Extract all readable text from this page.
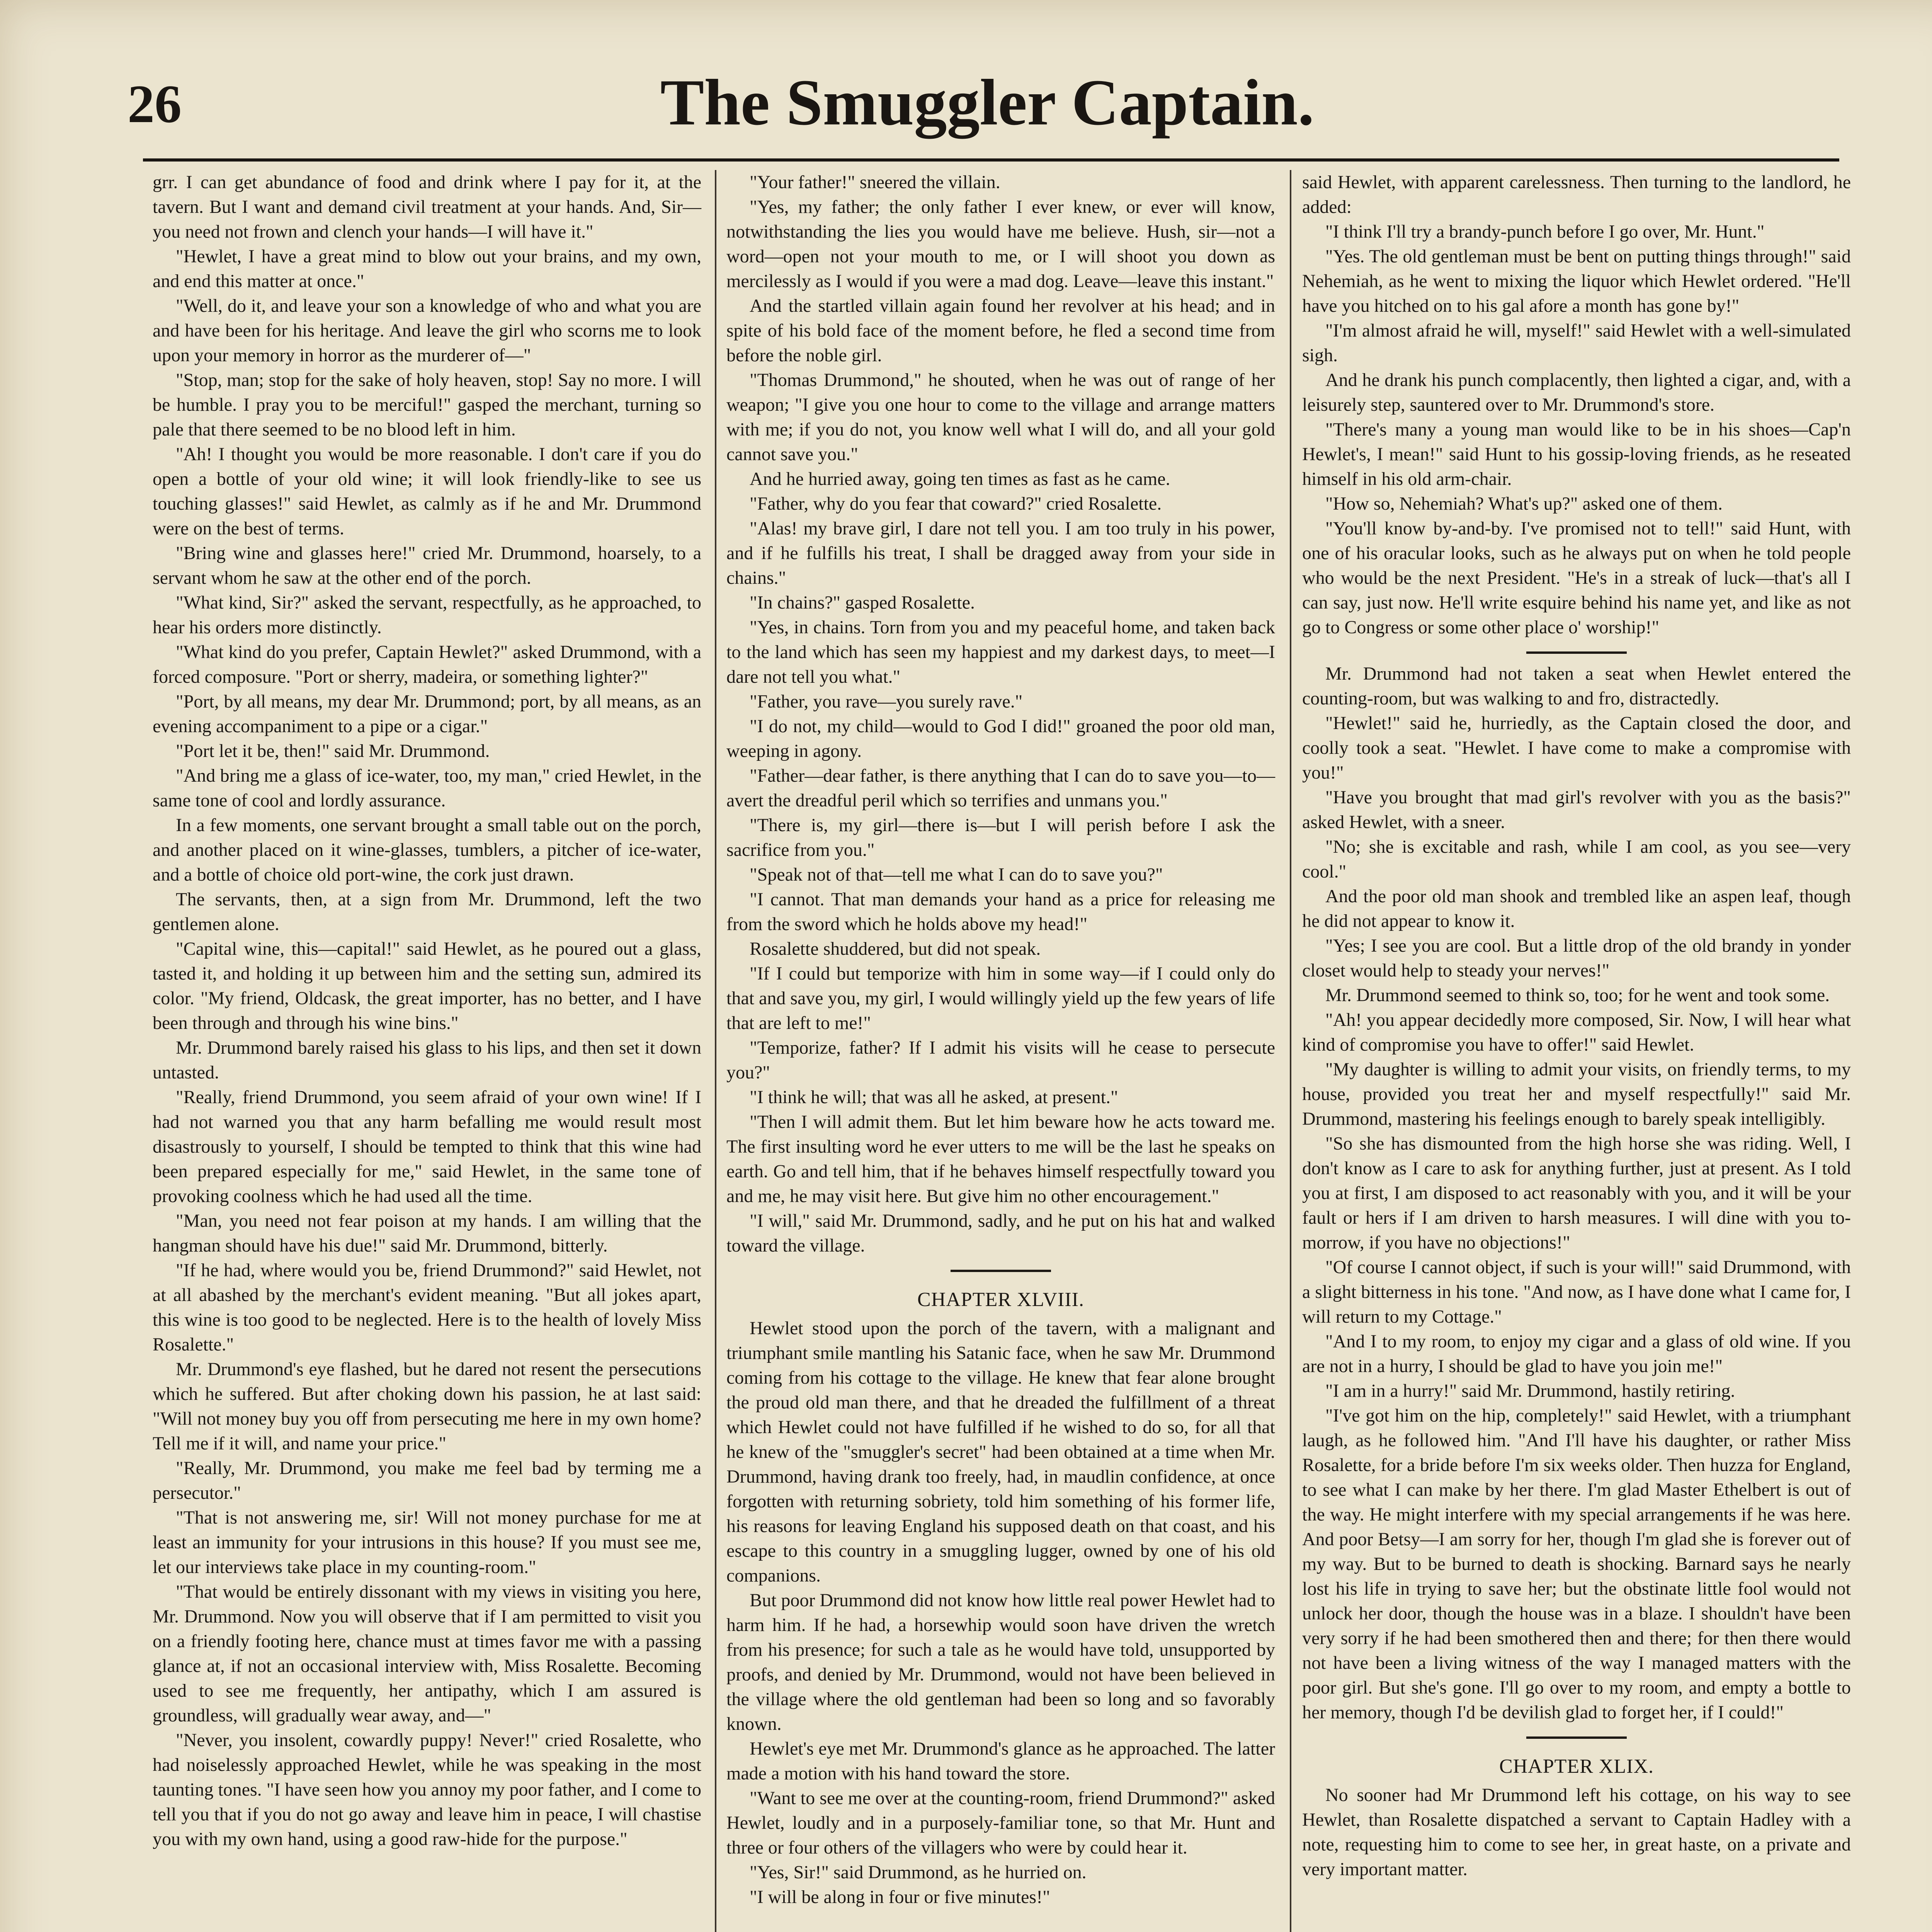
26	The Smuggler Captain.

grr. I can get abundance of food and drink where I pay for it, at the tavern. But I want and demand civil treatment at your hands. And, Sir—you need not frown and clench your hands—I will have it."

"Hewlet, I have a great mind to blow out your brains, and my own, and end this matter at once."

"Well, do it, and leave your son a knowledge of who and what you are and have been for his heritage. And leave the girl who scorns me to look upon your memory in horror as the murderer of—"

"Stop, man; stop for the sake of holy heaven, stop! Say no more. I will be humble. I pray you to be merciful!" gasped the merchant, turning so pale that there seemed to be no blood left in him.

"Ah! I thought you would be more reasonable. I don't care if you do open a bottle of your old wine; it will look friendly-like to see us touching glasses!" said Hewlet, as calmly as if he and Mr. Drummond were on the best of terms.

"Bring wine and glasses here!" cried Mr. Drummond, hoarsely, to a servant whom he saw at the other end of the porch.

"What kind, Sir?" asked the servant, respectfully, as he approached, to hear his orders more distinctly.

"What kind do you prefer, Captain Hewlet?" asked Drummond, with a forced composure. "Port or sherry, madeira, or something lighter?"

"Port, by all means, my dear Mr. Drummond; port, by all means, as an evening accompaniment to a pipe or a cigar."

"Port let it be, then!" said Mr. Drummond.

"And bring me a glass of ice-water, too, my man," cried Hewlet, in the same tone of cool and lordly assurance.

In a few moments, one servant brought a small table out on the porch, and another placed on it wine-glasses, tumblers, a pitcher of ice-water, and a bottle of choice old port-wine, the cork just drawn.

The servants, then, at a sign from Mr. Drummond, left the two gentlemen alone.

"Capital wine, this—capital!" said Hewlet, as he poured out a glass, tasted it, and holding it up between him and the setting sun, admired its color. "My friend, Oldcask, the great importer, has no better, and I have been through and through his wine bins."

Mr. Drummond barely raised his glass to his lips, and then set it down untasted.

"Really, friend Drummond, you seem afraid of your own wine! If I had not warned you that any harm befalling me would result most disastrously to yourself, I should be tempted to think that this wine had been prepared especially for me," said Hewlet, in the same tone of provoking coolness which he had used all the time.

"Man, you need not fear poison at my hands. I am willing that the hangman should have his due!" said Mr. Drummond, bitterly.

"If he had, where would you be, friend Drummond?" said Hewlet, not at all abashed by the merchant's evident meaning. "But all jokes apart, this wine is too good to be neglected. Here is to the health of lovely Miss Rosalette."

Mr. Drummond's eye flashed, but he dared not resent the persecutions which he suffered. But after choking down his passion, he at last said: "Will not money buy you off from persecuting me here in my own home? Tell me if it will, and name your price."

"Really, Mr. Drummond, you make me feel bad by terming me a persecutor."

"That is not answering me, sir! Will not money purchase for me at least an immunity for your intrusions in this house? If you must see me, let our interviews take place in my counting-room."

"That would be entirely dissonant with my views in visiting you here, Mr. Drummond. Now you will observe that if I am permitted to visit you on a friendly footing here, chance must at times favor me with a passing glance at, if not an occasional interview with, Miss Rosalette. Becoming used to see me frequently, her antipathy, which I am assured is groundless, will gradually wear away, and—"

"Never, you insolent, cowardly puppy! Never!" cried Rosalette, who had noiselessly approached Hewlet, while he was speaking in the most taunting tones. "I have seen how you annoy my poor father, and I come to tell you that if you do not go away and leave him in peace, I will chastise you with my own hand, using a good raw-hide for the purpose."

"Your father!" sneered the villain.

"Yes, my father; the only father I ever knew, or ever will know, notwithstanding the lies you would have me believe. Hush, sir—not a word—open not your mouth to me, or I will shoot you down as mercilessly as I would if you were a mad dog. Leave—leave this instant."

And the startled villain again found her revolver at his head; and in spite of his bold face of the moment before, he fled a second time from before the noble girl.

"Thomas Drummond," he shouted, when he was out of range of her weapon; "I give you one hour to come to the village and arrange matters with me; if you do not, you know well what I will do, and all your gold cannot save you."

And he hurried away, going ten times as fast as he came.

"Father, why do you fear that coward?" cried Rosalette.

"Alas! my brave girl, I dare not tell you. I am too truly in his power, and if he fulfills his treat, I shall be dragged away from your side in chains."

"In chains?" gasped Rosalette.

"Yes, in chains. Torn from you and my peaceful home, and taken back to the land which has seen my happiest and my darkest days, to meet—I dare not tell you what."

"Father, you rave—you surely rave."

"I do not, my child—would to God I did!" groaned the poor old man, weeping in agony.

"Father—dear father, is there anything that I can do to save you—to—avert the dreadful peril which so terrifies and unmans you."

"There is, my girl—there is—but I will perish before I ask the sacrifice from you."

"Speak not of that—tell me what I can do to save you?"

"I cannot. That man demands your hand as a price for releasing me from the sword which he holds above my head!"

Rosalette shuddered, but did not speak.

"If I could but temporize with him in some way—if I could only do that and save you, my girl, I would willingly yield up the few years of life that are left to me!"

"Temporize, father? If I admit his visits will he cease to persecute you?"

"I think he will; that was all he asked, at present."

"Then I will admit them. But let him beware how he acts toward me. The first insulting word he ever utters to me will be the last he speaks on earth. Go and tell him, that if he behaves himself respectfully toward you and me, he may visit here. But give him no other encouragement."

"I will," said Mr. Drummond, sadly, and he put on his hat and walked toward the village.

CHAPTER XLVIII.

Hewlet stood upon the porch of the tavern, with a malignant and triumphant smile mantling his Satanic face, when he saw Mr. Drummond coming from his cottage to the village. He knew that fear alone brought the proud old man there, and that he dreaded the fulfillment of a threat which Hewlet could not have fulfilled if he wished to do so, for all that he knew of the "smuggler's secret" had been obtained at a time when Mr. Drummond, having drank too freely, had, in maudlin confidence, at once forgotten with returning sobriety, told him something of his former life, his reasons for leaving England his supposed death on that coast, and his escape to this country in a smuggling lugger, owned by one of his old companions.

But poor Drummond did not know how little real power Hewlet had to harm him. If he had, a horsewhip would soon have driven the wretch from his presence; for such a tale as he would have told, unsupported by proofs, and denied by Mr. Drummond, would not have been believed in the village where the old gentleman had been so long and so favorably known.

Hewlet's eye met Mr. Drummond's glance as he approached. The latter made a motion with his hand toward the store.

"Want to see me over at the counting-room, friend Drummond?" asked Hewlet, loudly and in a purposely-familiar tone, so that Mr. Hunt and three or four others of the villagers who were by could hear it.

"Yes, Sir!" said Drummond, as he hurried on.

"I will be along in four or five minutes!"

said Hewlet, with apparent carelessness. Then turning to the landlord, he added:

"I think I'll try a brandy-punch before I go over, Mr. Hunt."

"Yes. The old gentleman must be bent on putting things through!" said Nehemiah, as he went to mixing the liquor which Hewlet ordered. "He'll have you hitched on to his gal afore a month has gone by!"

"I'm almost afraid he will, myself!" said Hewlet with a well-simulated sigh.

And he drank his punch complacently, then lighted a cigar, and, with a leisurely step, sauntered over to Mr. Drummond's store.

"There's many a young man would like to be in his shoes—Cap'n Hewlet's, I mean!" said Hunt to his gossip-loving friends, as he reseated himself in his old arm-chair.

"How so, Nehemiah? What's up?" asked one of them.

"You'll know by-and-by. I've promised not to tell!" said Hunt, with one of his oracular looks, such as he always put on when he told people who would be the next President. "He's in a streak of luck—that's all I can say, just now. He'll write esquire behind his name yet, and like as not go to Congress or some other place o' worship!"

Mr. Drummond had not taken a seat when Hewlet entered the counting-room, but was walking to and fro, distractedly.

"Hewlet!" said he, hurriedly, as the Captain closed the door, and coolly took a seat. "Hewlet. I have come to make a compromise with you!"

"Have you brought that mad girl's revolver with you as the basis?" asked Hewlet, with a sneer.

"No; she is excitable and rash, while I am cool, as you see—very cool."

And the poor old man shook and trembled like an aspen leaf, though he did not appear to know it.

"Yes; I see you are cool. But a little drop of the old brandy in yonder closet would help to steady your nerves!"

Mr. Drummond seemed to think so, too; for he went and took some.

"Ah! you appear decidedly more composed, Sir. Now, I will hear what kind of compromise you have to offer!" said Hewlet.

"My daughter is willing to admit your visits, on friendly terms, to my house, provided you treat her and myself respectfully!" said Mr. Drummond, mastering his feelings enough to barely speak intelligibly.

"So she has dismounted from the high horse she was riding. Well, I don't know as I care to ask for anything further, just at present. As I told you at first, I am disposed to act reasonably with you, and it will be your fault or hers if I am driven to harsh measures. I will dine with you to-morrow, if you have no objections!"

"Of course I cannot object, if such is your will!" said Drummond, with a slight bitterness in his tone. "And now, as I have done what I came for, I will return to my Cottage."

"And I to my room, to enjoy my cigar and a glass of old wine. If you are not in a hurry, I should be glad to have you join me!"

"I am in a hurry!" said Mr. Drummond, hastily retiring.

"I've got him on the hip, completely!" said Hewlet, with a triumphant laugh, as he followed him. "And I'll have his daughter, or rather Miss Rosalette, for a bride before I'm six weeks older. Then huzza for England, to see what I can make by her there. I'm glad Master Ethelbert is out of the way. He might interfere with my special arrangements if he was here. And poor Betsy—I am sorry for her, though I'm glad she is forever out of my way. But to be burned to death is shocking. Barnard says he nearly lost his life in trying to save her; but the obstinate little fool would not unlock her door, though the house was in a blaze. I shouldn't have been very sorry if he had been smothered then and there; for then there would not have been a living witness of the way I managed matters with the poor girl. But she's gone. I'll go over to my room, and empty a bottle to her memory, though I'd be devilish glad to forget her, if I could!"

CHAPTER XLIX.

No sooner had Mr Drummond left his cottage, on his way to see Hewlet, than Rosalette dispatched a servant to Captain Hadley with a note, requesting him to come to see her, in great haste, on a private and very important matter.
